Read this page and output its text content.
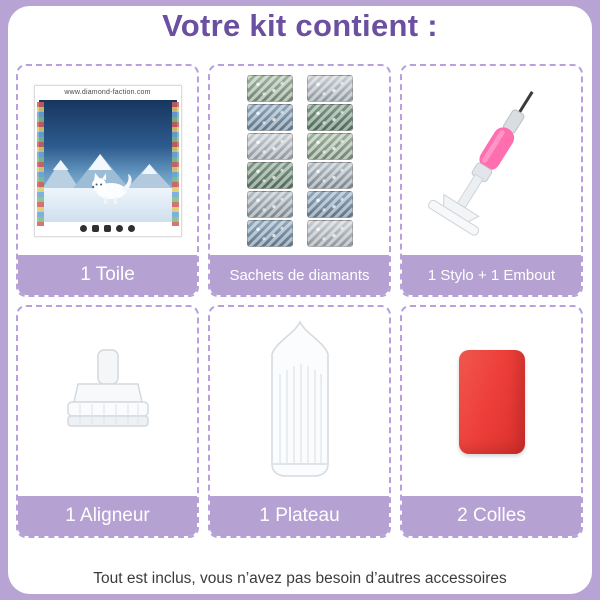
Votre kit contient :
www.diamond-faction.com
1 Toile	Sachets de diamants	1 Stylo + 1 Embout
1 Aligneur	1 Plateau	2 Colles
Tout est inclus, vous n’avez pas besoin d’autres accessoires
